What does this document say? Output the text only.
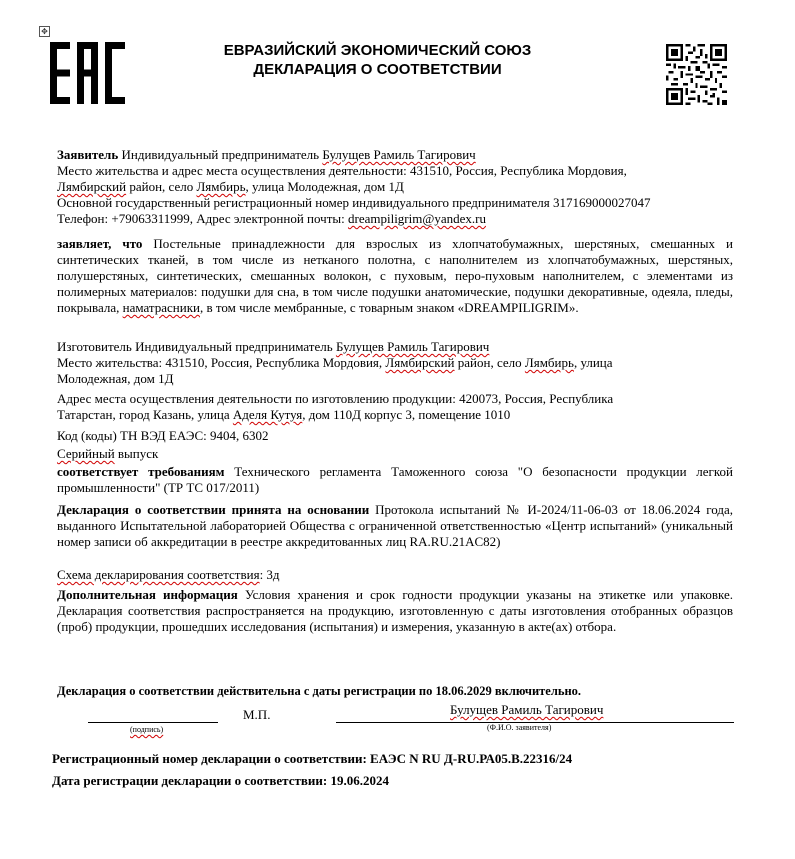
✥
ЕВРАЗИЙСКИЙ ЭКОНОМИЧЕСКИЙ СОЮЗ
ДЕКЛАРАЦИЯ О СООТВЕТСТВИИ
Заявитель Индивидуальный предприниматель Булущев Рамиль Тагирович
Место жительства и адрес места осуществления деятельности: 431510, Россия, Республика Мордовия,
Лямбирский район, село Лямбирь, улица Молодежная, дом 1Д
Основной государственный регистрационный номер индивидуального предпринимателя 317169000027047
Телефон: +79063311999, Адрес электронной почты: dreampiligrim@yandex.ru
заявляет, что Постельные принадлежности для взрослых из хлопчатобумажных, шерстяных, смешанных и синтетических тканей, в том числе из нетканого полотна, с наполнителем из хлопчатобумажных, шерстяных, полушерстяных, синтетических, смешанных волокон, с пуховым, перо-пуховым наполнителем, с элементами из полимерных материалов: подушки для сна, в том числе подушки анатомические, подушки декоративные, одеяла, пледы, покрывала, наматрасники, в том числе мембранные, с товарным знаком «DREAMPILIGRIM».
Изготовитель Индивидуальный предприниматель Булущев Рамиль Тагирович
Место жительства: 431510, Россия, Республика Мордовия, Лямбирский район, село Лямбирь, улица
Молодежная, дом 1Д
Адрес места осуществления деятельности по изготовлению продукции: 420073, Россия, Республика
Татарстан, город Казань, улица Аделя Кутуя, дом 110Д корпус 3, помещение 1010
Код (коды) ТН ВЭД ЕАЭС: 9404, 6302
Серийный выпуск
соответствует требованиям Технического регламента Таможенного союза "О безопасности продукции легкой промышленности" (ТР ТС 017/2011)
Декларация о соответствии принята на основании Протокола испытаний № И-2024/11-06-03 от 18.06.2024 года, выданного Испытательной лабораторией Общества с ограниченной ответственностью «Центр испытаний» (уникальный номер записи об аккредитации в реестре аккредитованных лиц RA.RU.21AC82)
Схема декларирования соответствия: 3д
Дополнительная информация Условия хранения и срок годности продукции указаны на этикетке или упаковке. Декларация соответствия распространяется на продукцию, изготовленную с даты изготовления отобранных образцов (проб) продукции, прошедших исследования (испытания) и измерения, указанную в акте(ах) отбора.
Декларация о соответствии действительна с даты регистрации по 18.06.2029 включительно.
(подпись)
М.П.	Булущев Рамиль Тагирович
(Ф.И.О. заявителя)
Регистрационный номер декларации о соответствии: ЕАЭС N RU Д-RU.РА05.В.22316/24
Дата регистрации декларации о соответствии: 19.06.2024
